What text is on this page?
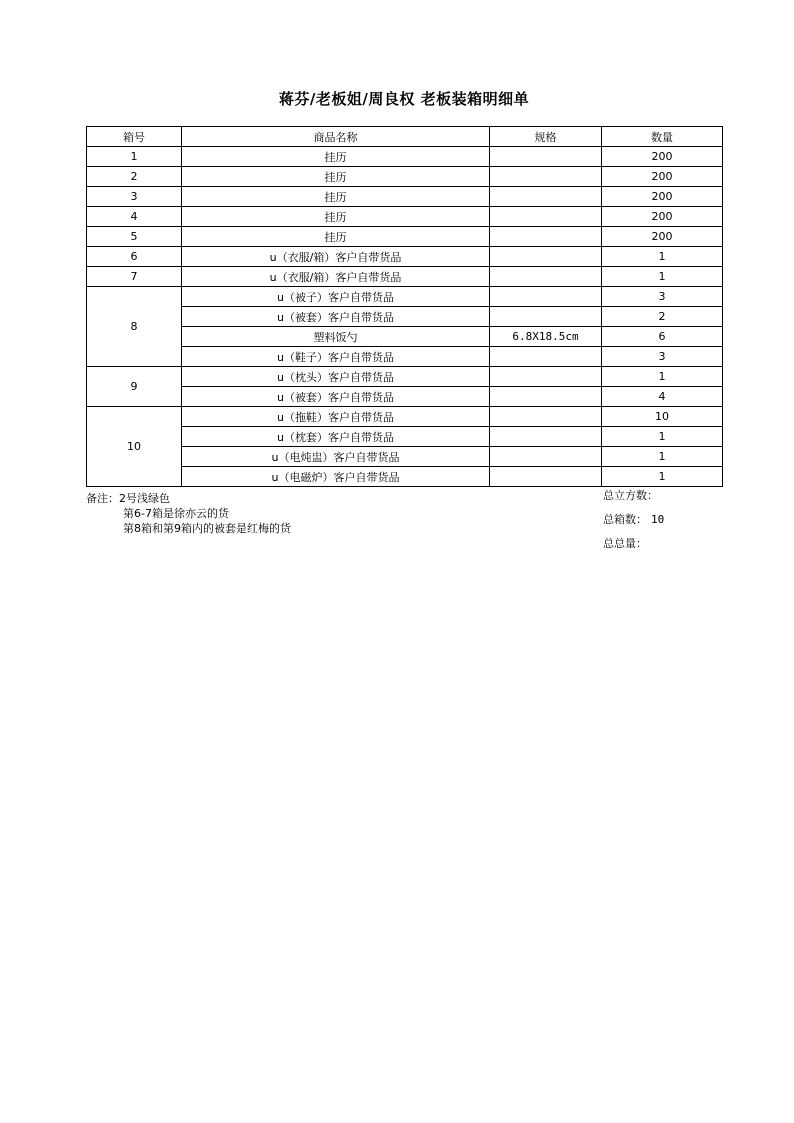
蒋芬/老板姐/周良权 老板装箱明细单
箱号	商品名称	规格	数量
1	挂历		200
2	挂历		200
3	挂历		200
4	挂历		200
5	挂历		200
6	u（衣服/箱）客户自带货品		1
7	u（衣服/箱）客户自带货品		1
8	u（被子）客户自带货品		3
	u（被套）客户自带货品		2
	塑料饭勺	6.8X18.5cm	6
	u（鞋子）客户自带货品		3
9	u（枕头）客户自带货品		1
	u（被套）客户自带货品		4
10	u（拖鞋）客户自带货品		10
	u（枕套）客户自带货品		1
	u（电炖盅）客户自带货品		1
	u（电磁炉）客户自带货品		1
备注：2号浅绿色
第6-7箱是徐亦云的货
第8箱和第9箱内的被套是红梅的货
总立方数：
总箱数： 10
总总量：
